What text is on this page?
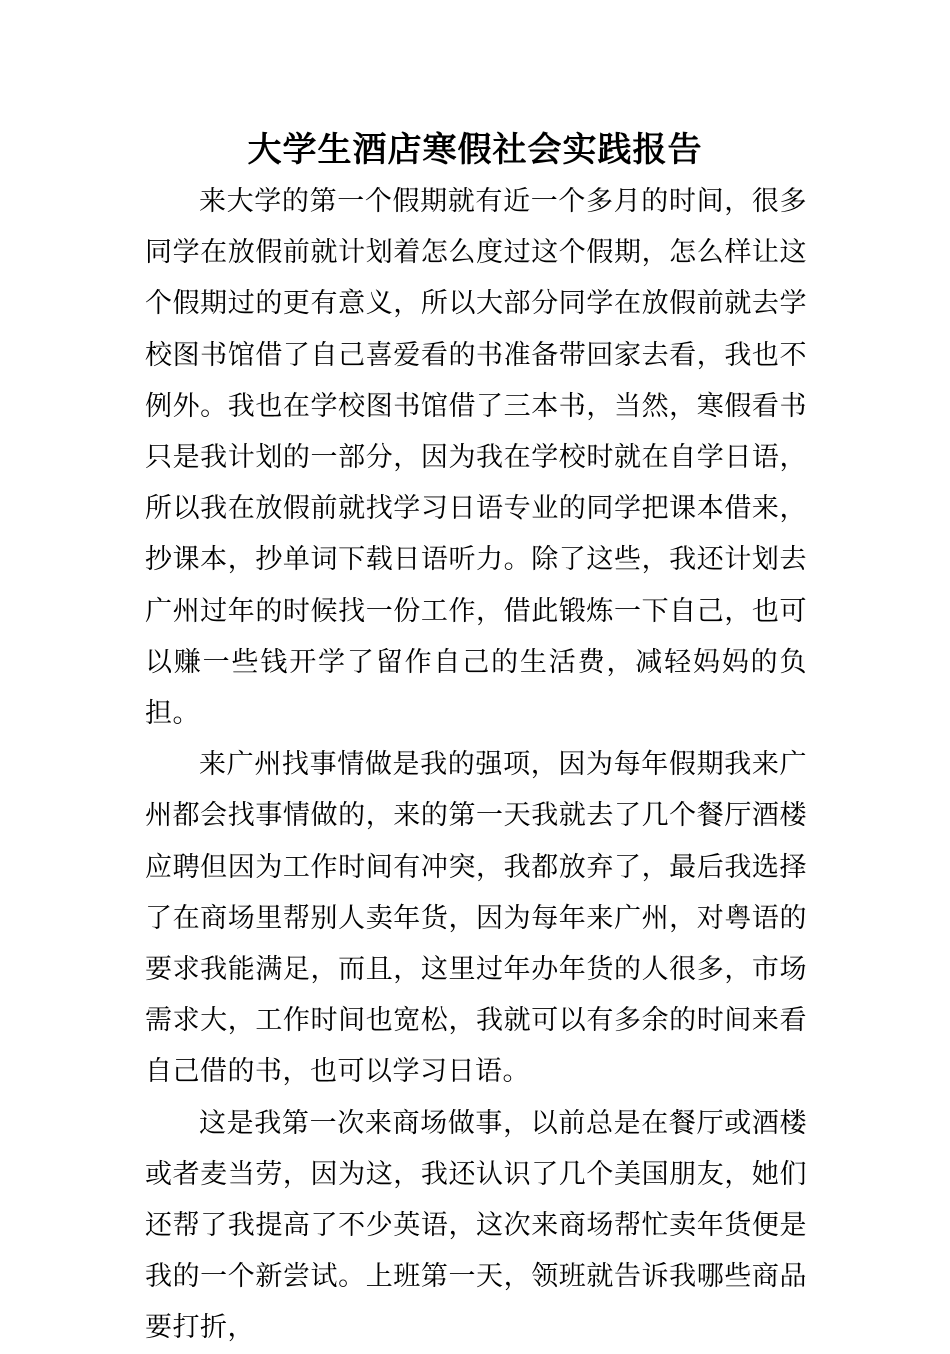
大学生酒店寒假社会实践报告

来大学的第一个假期就有近一个多月的时间，很多同学在放假前就计划着怎么度过这个假期，怎么样让这个假期过的更有意义，所以大部分同学在放假前就去学校图书馆借了自己喜爱看的书准备带回家去看，我也不例外。我也在学校图书馆借了三本书，当然，寒假看书只是我计划的一部分，因为我在学校时就在自学日语，所以我在放假前就找学习日语专业的同学把课本借来，抄课本，抄单词下载日语听力。除了这些，我还计划去广州过年的时候找一份工作，借此锻炼一下自己，也可以赚一些钱开学了留作自己的生活费，减轻妈妈的负担。

来广州找事情做是我的强项，因为每年假期我来广州都会找事情做的，来的第一天我就去了几个餐厅酒楼应聘但因为工作时间有冲突，我都放弃了，最后我选择了在商场里帮别人卖年货，因为每年来广州，对粤语的要求我能满足，而且，这里过年办年货的人很多，市场需求大，工作时间也宽松，我就可以有多余的时间来看自己借的书，也可以学习日语。

这是我第一次来商场做事，以前总是在餐厅或酒楼或者麦当劳，因为这，我还认识了几个美国朋友，她们还帮了我提高了不少英语，这次来商场帮忙卖年货便是我的一个新尝试。上班第一天，领班就告诉我哪些商品要打折，
